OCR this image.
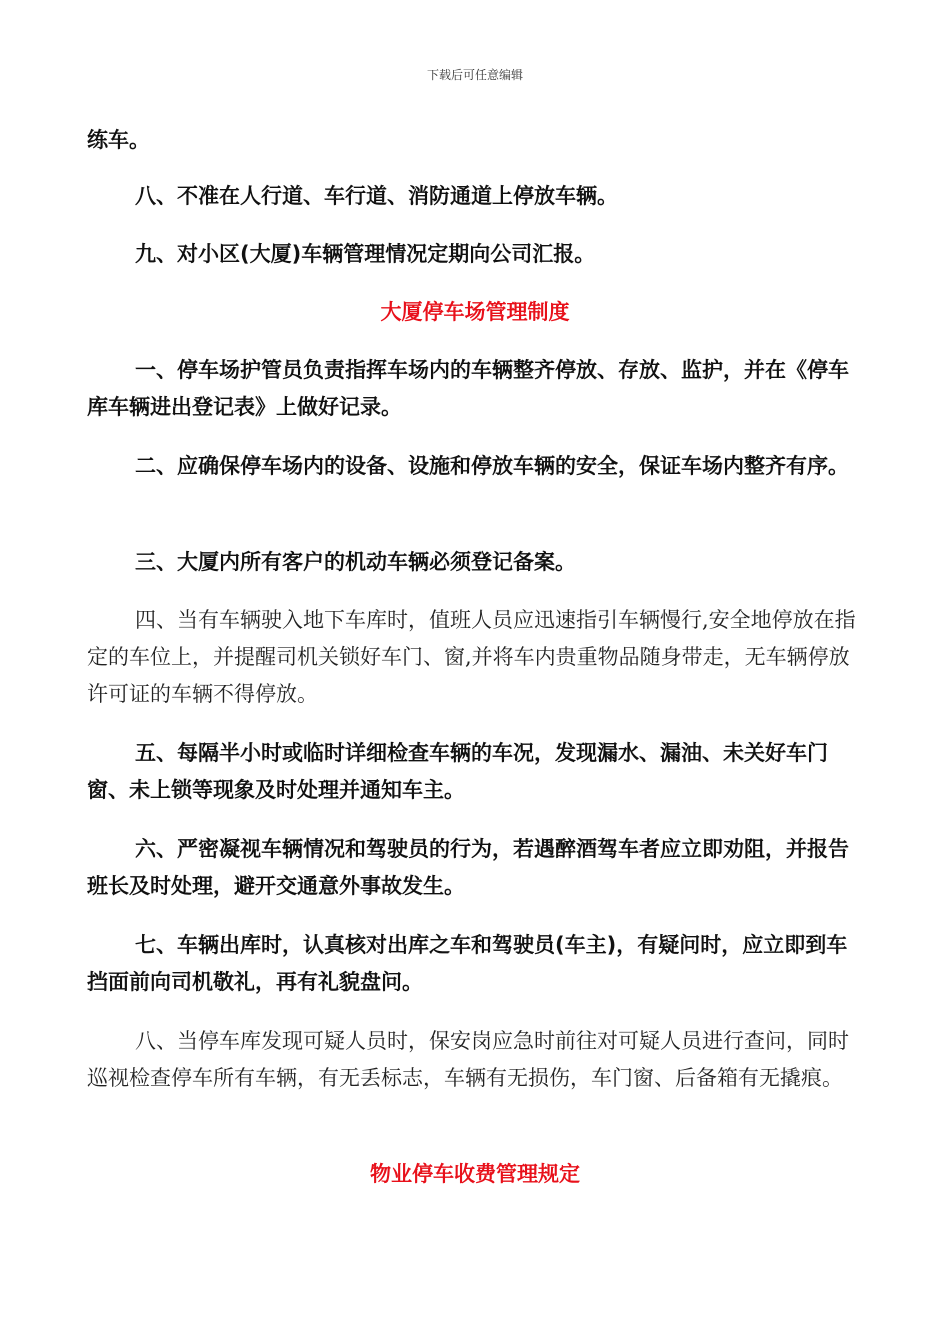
下载后可任意编辑

练车。

八、不准在人行道、车行道、消防通道上停放车辆。

九、对小区(大厦)车辆管理情况定期向公司汇报。

大厦停车场管理制度

一、停车场护管员负责指挥车场内的车辆整齐停放、存放、监护，并在《停车库车辆进出登记表》上做好记录。

二、应确保停车场内的设备、设施和停放车辆的安全，保证车场内整齐有序。

三、大厦内所有客户的机动车辆必须登记备案。

四、当有车辆驶入地下车库时，值班人员应迅速指引车辆慢行,安全地停放在指定的车位上，并提醒司机关锁好车门、窗,并将车内贵重物品随身带走，无车辆停放许可证的车辆不得停放。

五、每隔半小时或临时详细检查车辆的车况，发现漏水、漏油、未关好车门窗、未上锁等现象及时处理并通知车主。

六、严密凝视车辆情况和驾驶员的行为，若遇醉酒驾车者应立即劝阻，并报告班长及时处理，避开交通意外事故发生。

七、车辆出库时，认真核对出库之车和驾驶员(车主)，有疑问时，应立即到车挡面前向司机敬礼，再有礼貌盘问。

八、当停车库发现可疑人员时，保安岗应急时前往对可疑人员进行查问，同时巡视检查停车所有车辆，有无丢标志，车辆有无损伤，车门窗、后备箱有无撬痕。

物业停车收费管理规定
